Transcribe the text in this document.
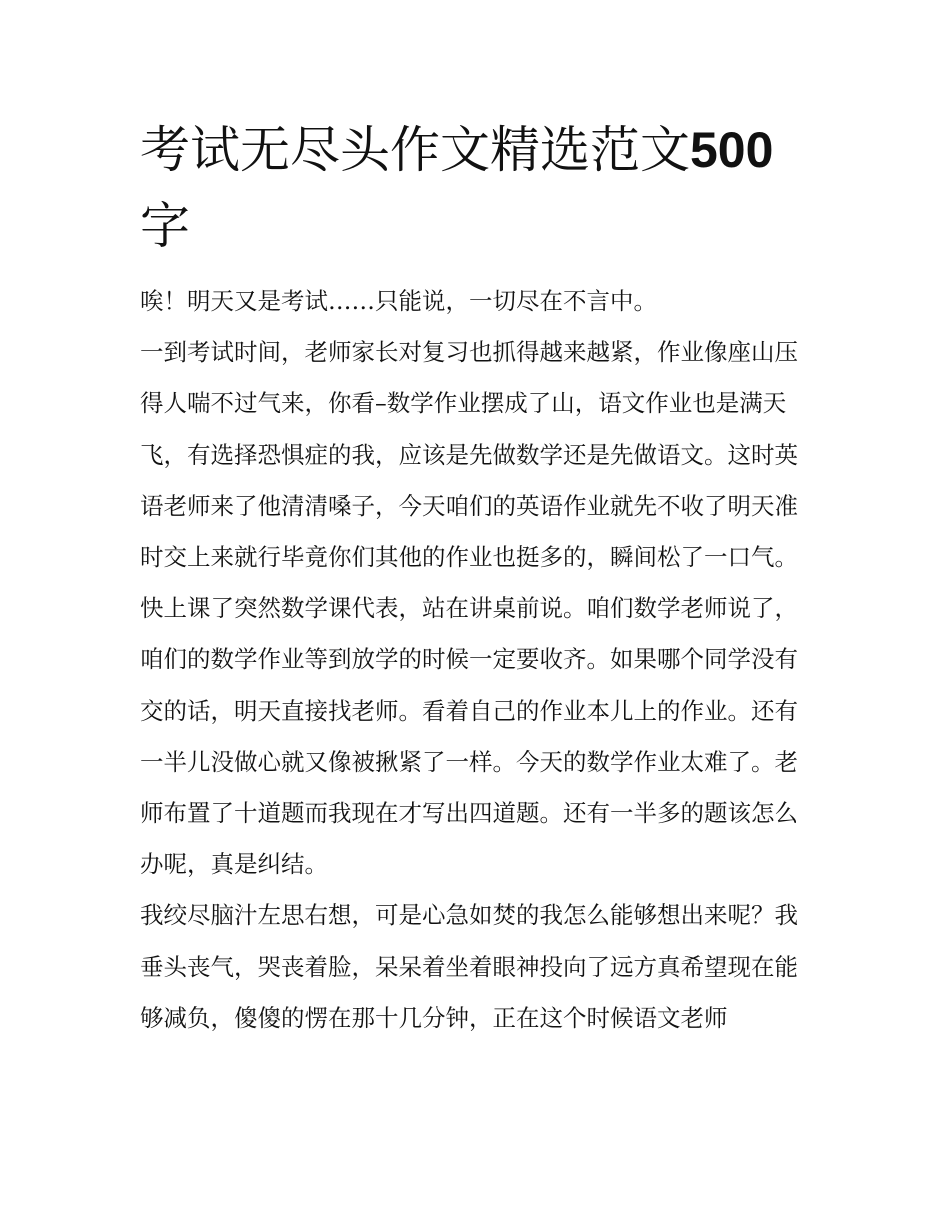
考试无尽头作文精选范文500
字

唉！明天又是考试……只能说，一切尽在不言中。

一到考试时间，老师家长对复习也抓得越来越紧，作业像座山压得人喘不过气来，你看–数学作业摆成了山，语文作业也是满天飞，有选择恐惧症的我，应该是先做数学还是先做语文。这时英语老师来了他清清嗓子，今天咱们的英语作业就先不收了明天准时交上来就行毕竟你们其他的作业也挺多的，瞬间松了一口气。

快上课了突然数学课代表，站在讲桌前说。咱们数学老师说了，咱们的数学作业等到放学的时候一定要收齐。如果哪个同学没有交的话，明天直接找老师。看着自己的作业本儿上的作业。还有一半儿没做心就又像被揪紧了一样。今天的数学作业太难了。老师布置了十道题而我现在才写出四道题。还有一半多的题该怎么办呢，真是纠结。

我绞尽脑汁左思右想，可是心急如焚的我怎么能够想出来呢？我垂头丧气，哭丧着脸，呆呆着坐着眼神投向了远方真希望现在能够减负，傻傻的愣在那十几分钟，正在这个时候语文老师
